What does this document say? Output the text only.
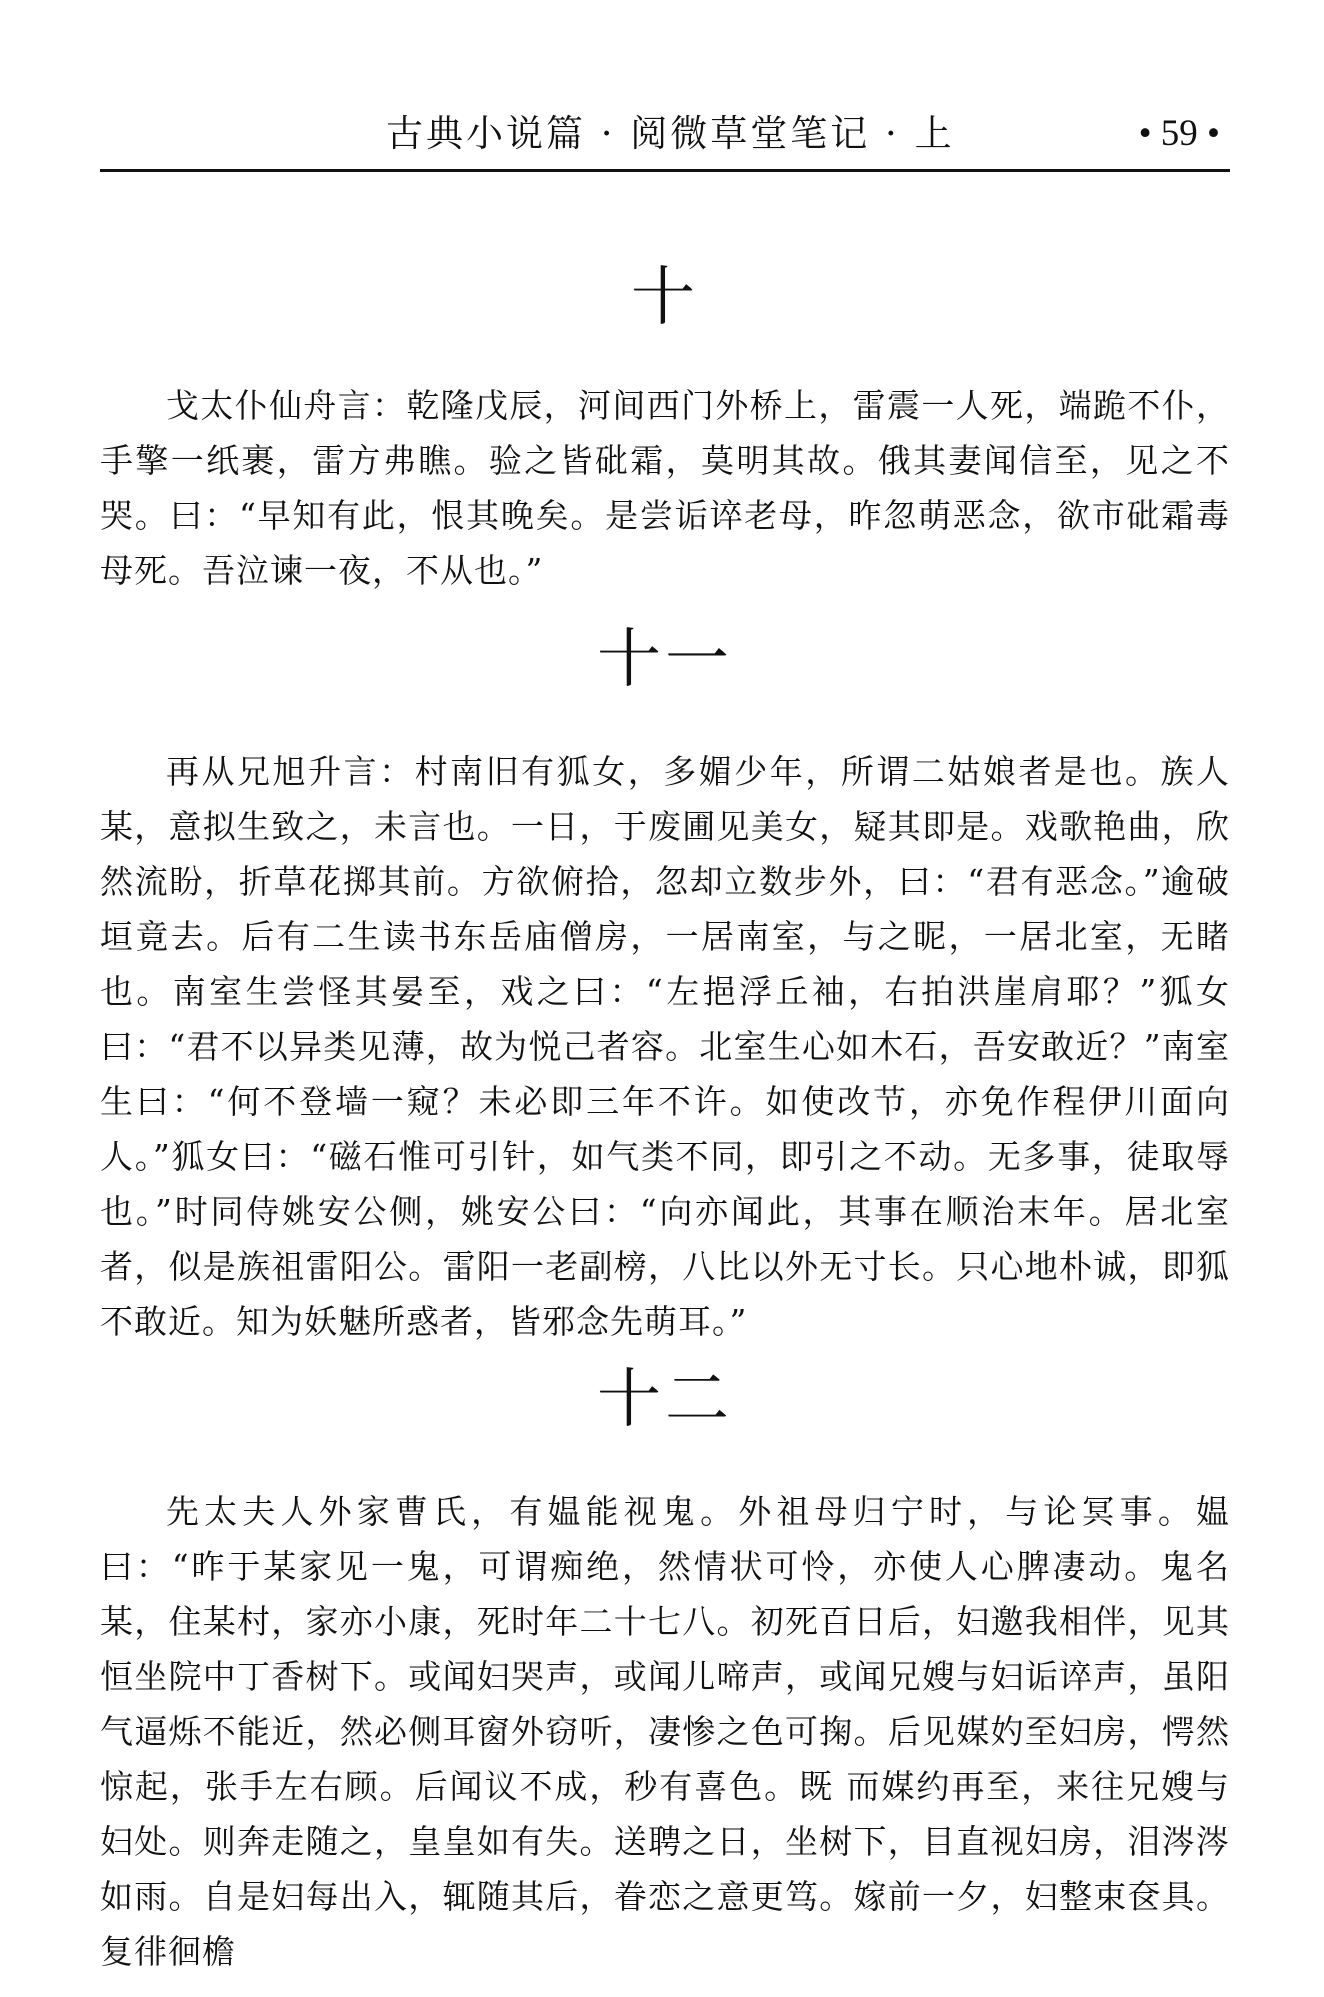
古典小说篇 · 阅微草堂笔记 · 上	• 59 •
十

戈太仆仙舟言：乾隆戊辰，河间西门外桥上，雷震一人死，端跪不仆，手擎一纸裹，雷方弗瞧。验之皆砒霜，莫明其故。俄其妻闻信至，见之不哭。曰：“早知有此，恨其晚矣。是尝诟谇老母，昨忽萌恶念，欲市砒霜毒母死。吾泣谏一夜，不从也。”

十一

再从兄旭升言：村南旧有狐女，多媚少年，所谓二姑娘者是也。族人某，意拟生致之，未言也。一日，于废圃见美女，疑其即是。戏歌艳曲，欣然流盼，折草花掷其前。方欲俯拾，忽却立数步外，曰：“君有恶念。”逾破垣竟去。后有二生读书东岳庙僧房，一居南室，与之昵，一居北室，无睹也。南室生尝怪其晏至，戏之曰：“左挹浮丘袖，右拍洪崖肩耶？”狐女曰：“君不以异类见薄，故为悦己者容。北室生心如木石，吾安敢近？”南室生曰：“何不登墙一窥？未必即三年不许。如使改节，亦免作程伊川面向人。”狐女曰：“磁石惟可引针，如气类不同，即引之不动。无多事，徒取辱也。”时同侍姚安公侧，姚安公曰：“向亦闻此，其事在顺治末年。居北室者，似是族祖雷阳公。雷阳一老副榜，八比以外无寸长。只心地朴诚，即狐不敢近。知为妖魅所惑者，皆邪念先萌耳。”

十二

先太夫人外家曹氏，有媪能视鬼。外祖母归宁时，与论冥事。媪曰：“昨于某家见一鬼，可谓痴绝，然情状可怜，亦使人心脾凄动。鬼名某，住某村，家亦小康，死时年二十七八。初死百日后，妇邀我相伴，见其恒坐院中丁香树下。或闻妇哭声，或闻儿啼声，或闻兄嫂与妇诟谇声，虽阳气逼烁不能近，然必侧耳窗外窃听，凄惨之色可掬。后见媒妁至妇房，愕然惊起，张手左右顾。后闻议不成，秒有喜色。既 而媒约再至，来往兄嫂与妇处。则奔走随之，皇皇如有失。送聘之日，坐树下，目直视妇房，泪涔涔如雨。自是妇每出入，辄随其后，眷恋之意更笃。嫁前一夕，妇整束奁具。复徘徊檐
